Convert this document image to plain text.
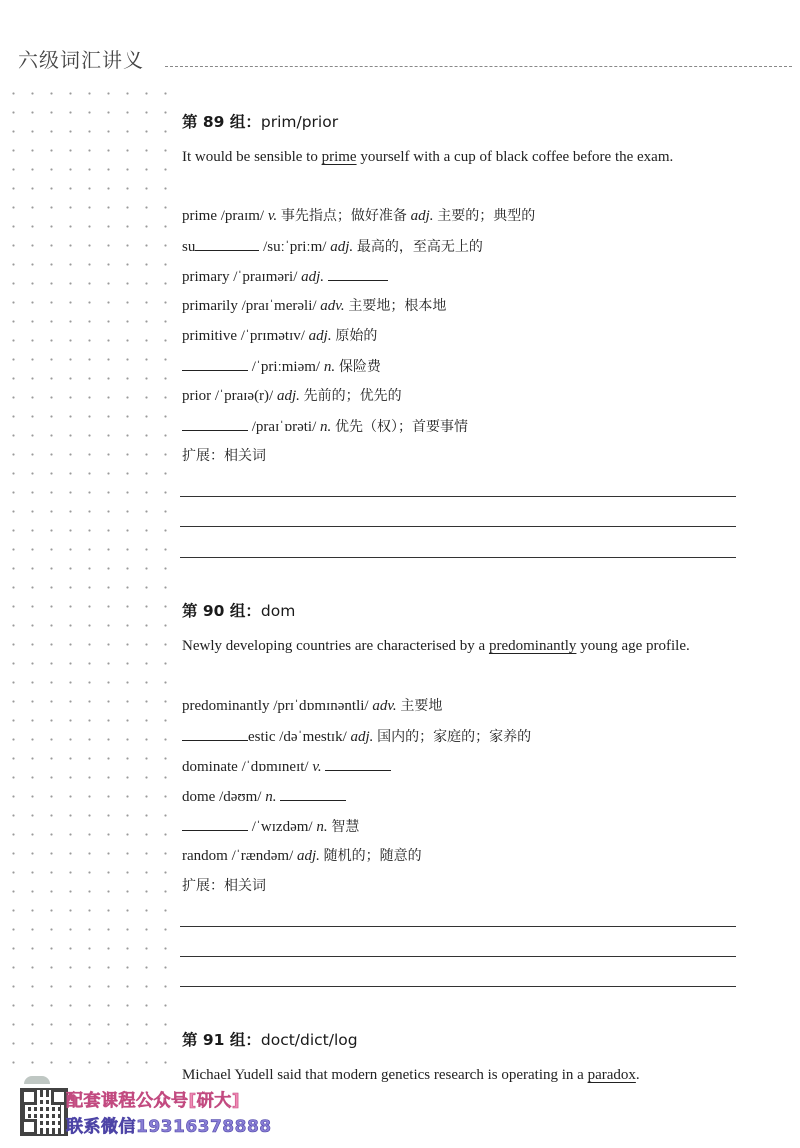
六级词汇讲义
第 89 组：prim/prior
It would be sensible to prime yourself with a cup of black coffee before the exam.
prime /praɪm/ v. 事先指点；做好准备 adj. 主要的；典型的
su	/suːˈpriːm/ adj. 最高的，至高无上的
primary /ˈpraɪməri/ adj.
primarily /praɪˈmerəli/ adv. 主要地；根本地
primitive /ˈprɪmətɪv/ adj. 原始的
/ˈpriːmiəm/ n. 保险费
prior /ˈpraɪə(r)/ adj. 先前的；优先的
/praɪˈɒrəti/ n. 优先（权）；首要事情
扩展：相关词
第 90 组：dom
Newly developing countries are characterised by a predominantly young age profile.
predominantly /prɪˈdɒmɪnəntli/ adv. 主要地
estic /dəˈmestɪk/ adj. 国内的；家庭的；家养的
dominate /ˈdɒmɪneɪt/ v.
dome /dəʊm/ n.
/ˈwɪzdəm/ n. 智慧
random /ˈrændəm/ adj. 随机的；随意的
扩展：相关词
第 91 组：doct/dict/log
Michael Yudell said that modern genetics research is operating in a paradox.
配套课程公众号[研大]
联系微信19316378888
